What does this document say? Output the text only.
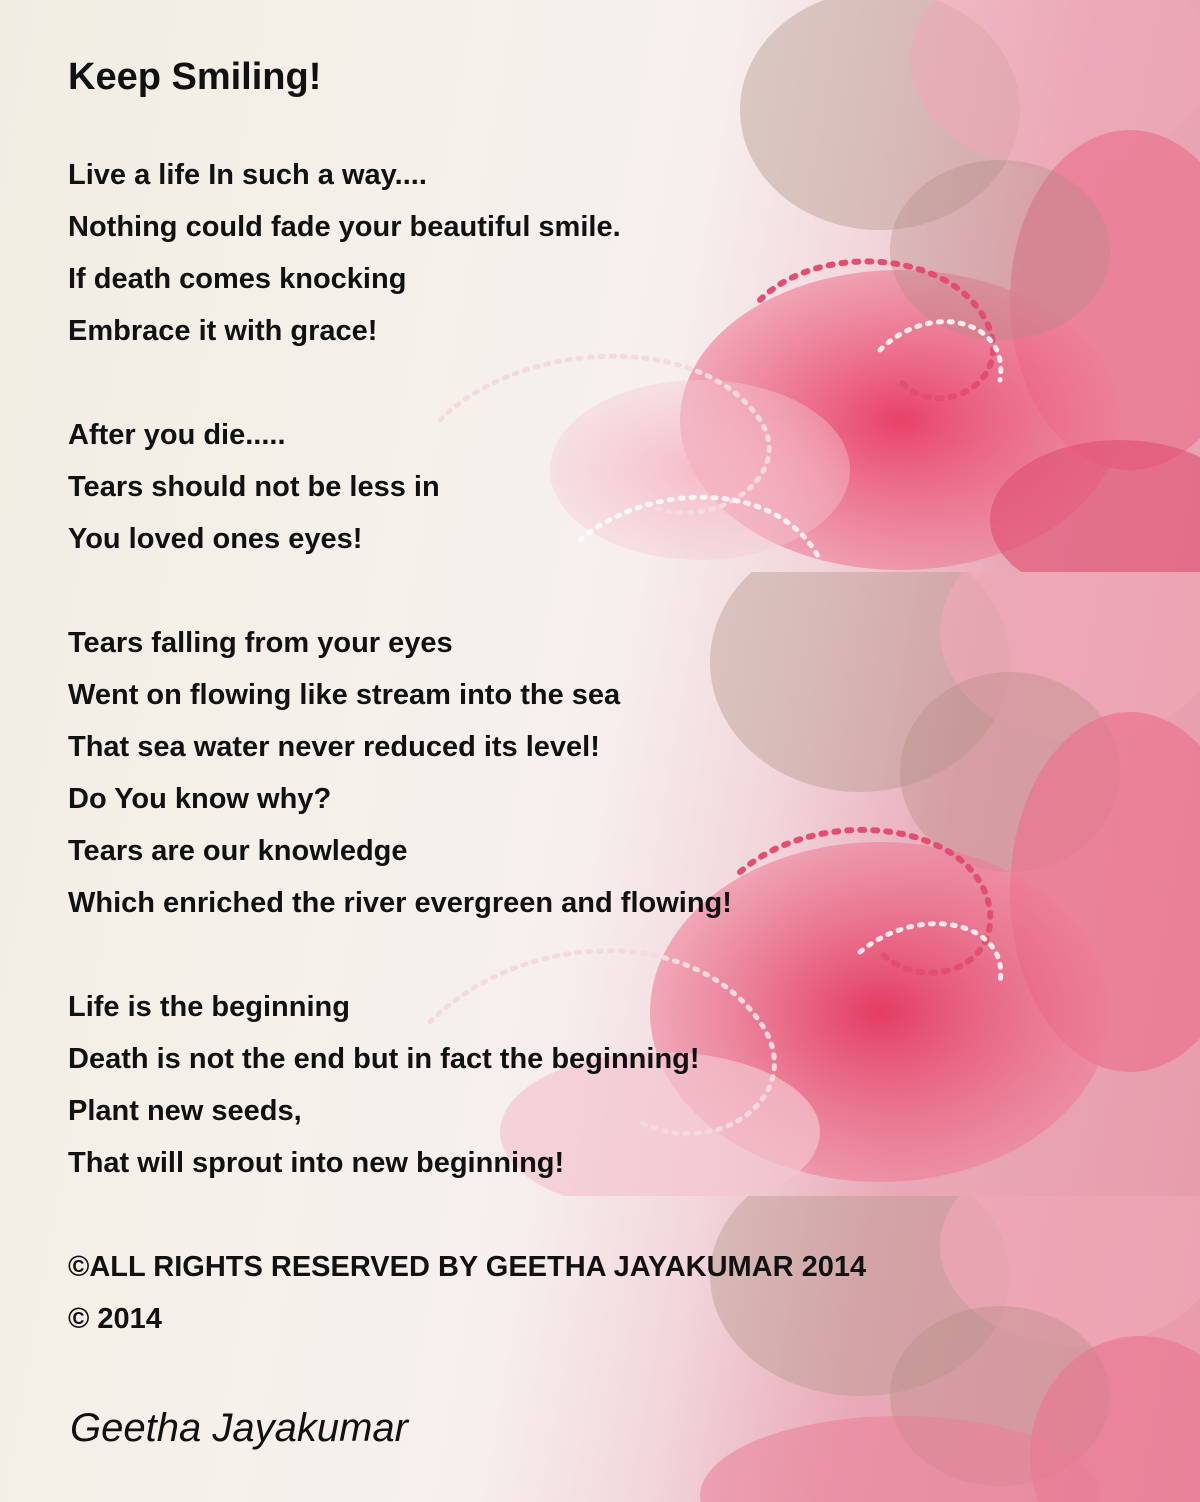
Keep Smiling!
Live a life In such a way....
Nothing could fade your beautiful smile.
If death comes knocking
Embrace it with grace!
After you die.....
Tears should not be less in
You loved ones eyes!
Tears falling from your eyes
Went on flowing like stream into the sea
That sea water never reduced its level!
Do You know why?
Tears are our knowledge
Which enriched the river evergreen and flowing!
Life is the beginning
Death is not the end but in fact the beginning!
Plant new seeds,
That will sprout into new beginning!
©ALL RIGHTS RESERVED BY GEETHA JAYAKUMAR 2014
© 2014
Geetha Jayakumar
